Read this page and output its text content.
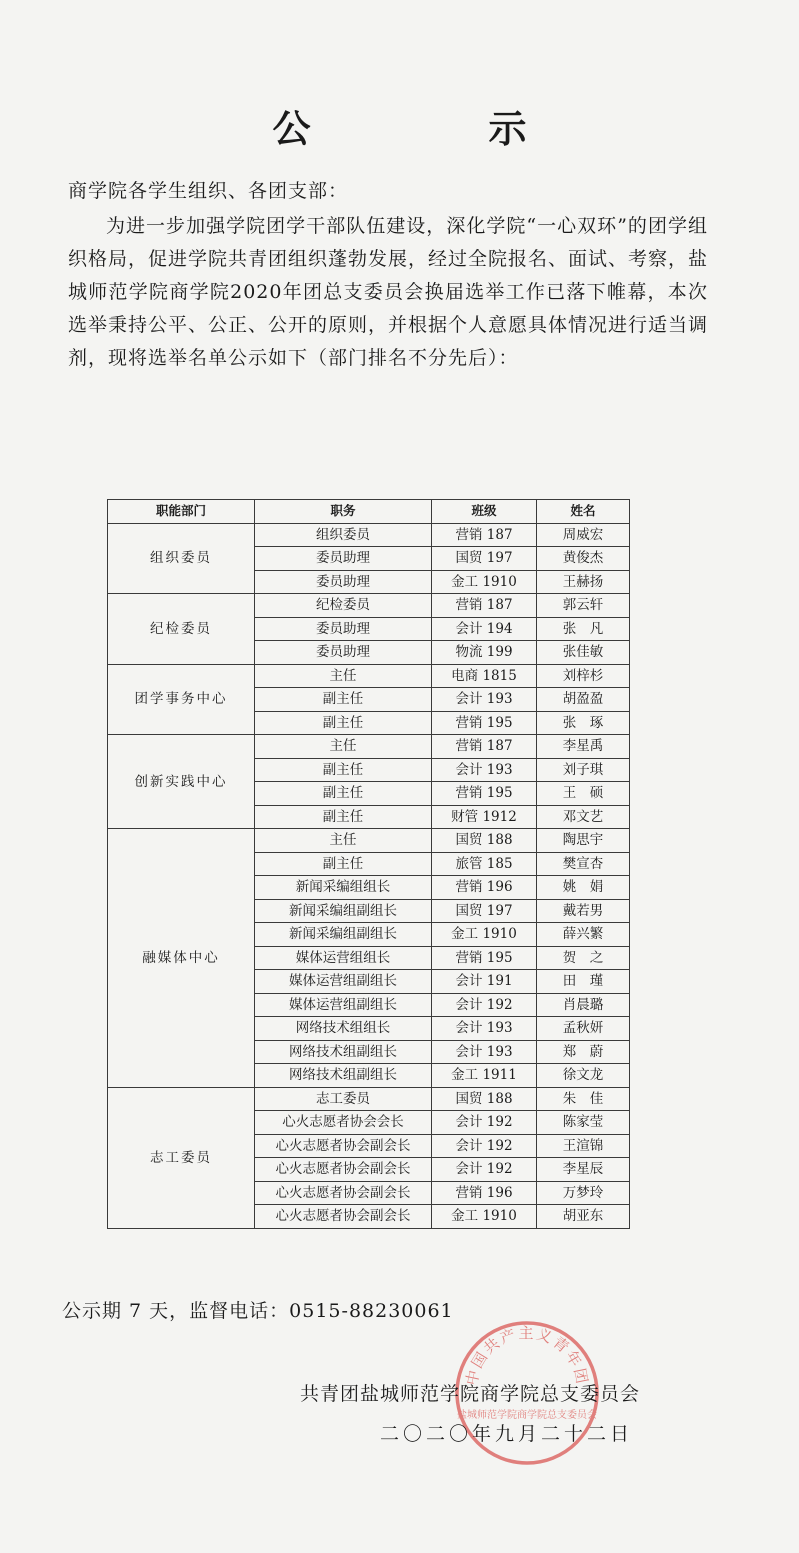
公　示
商学院各学生组织、各团支部：

为进一步加强学院团学干部队伍建设，深化学院“一心双环”的团学组织格局，促进学院共青团组织蓬勃发展，经过全院报名、面试、考察，盐城师范学院商学院2020年团总支委员会换届选举工作已落下帷幕，本次选举秉持公平、公正、公开的原则，并根据个人意愿具体情况进行适当调剂，现将选举名单公示如下（部门排名不分先后）：

职能部门	职务	班级	姓名
组织委员	组织委员	营销 187	周威宏
	委员助理	国贸 197	黄俊杰
	委员助理	金工 1910	王赫扬
纪检委员	纪检委员	营销 187	郭云轩
	委员助理	会计 194	张　凡
	委员助理	物流 199	张佳敏
团学事务中心	主任	电商 1815	刘梓杉
	副主任	会计 193	胡盈盈
	副主任	营销 195	张　琢
创新实践中心	主任	营销 187	李星禹
	副主任	会计 193	刘子琪
	副主任	营销 195	王　硕
	副主任	财管 1912	邓文艺
融媒体中心	主任	国贸 188	陶思宇
	副主任	旅管 185	樊宣杏
	新闻采编组组长	营销 196	姚　娟
	新闻采编组副组长	国贸 197	戴若男
	新闻采编组副组长	金工 1910	薛兴繁
	媒体运营组组长	营销 195	贺　之
	媒体运营组副组长	会计 191	田　瑾
	媒体运营组副组长	会计 192	肖晨璐
	网络技术组组长	会计 193	孟秋妍
	网络技术组副组长	会计 193	郑　蔚
	网络技术组副组长	金工 1911	徐文龙
志工委员	志工委员	国贸 188	朱　佳
	心火志愿者协会会长	会计 192	陈家莹
	心火志愿者协会副会长	会计 192	王渲锦
	心火志愿者协会副会长	会计 192	李星辰
	心火志愿者协会副会长	营销 196	万梦玲
	心火志愿者协会副会长	金工 1910	胡亚东
公示期 7 天，监督电话：0515-88230061
中国共产主义青年团
盐城师范学院商学院总支委员会
共青团盐城师范学院商学院总支委员会
二〇二〇年九月二十二日
